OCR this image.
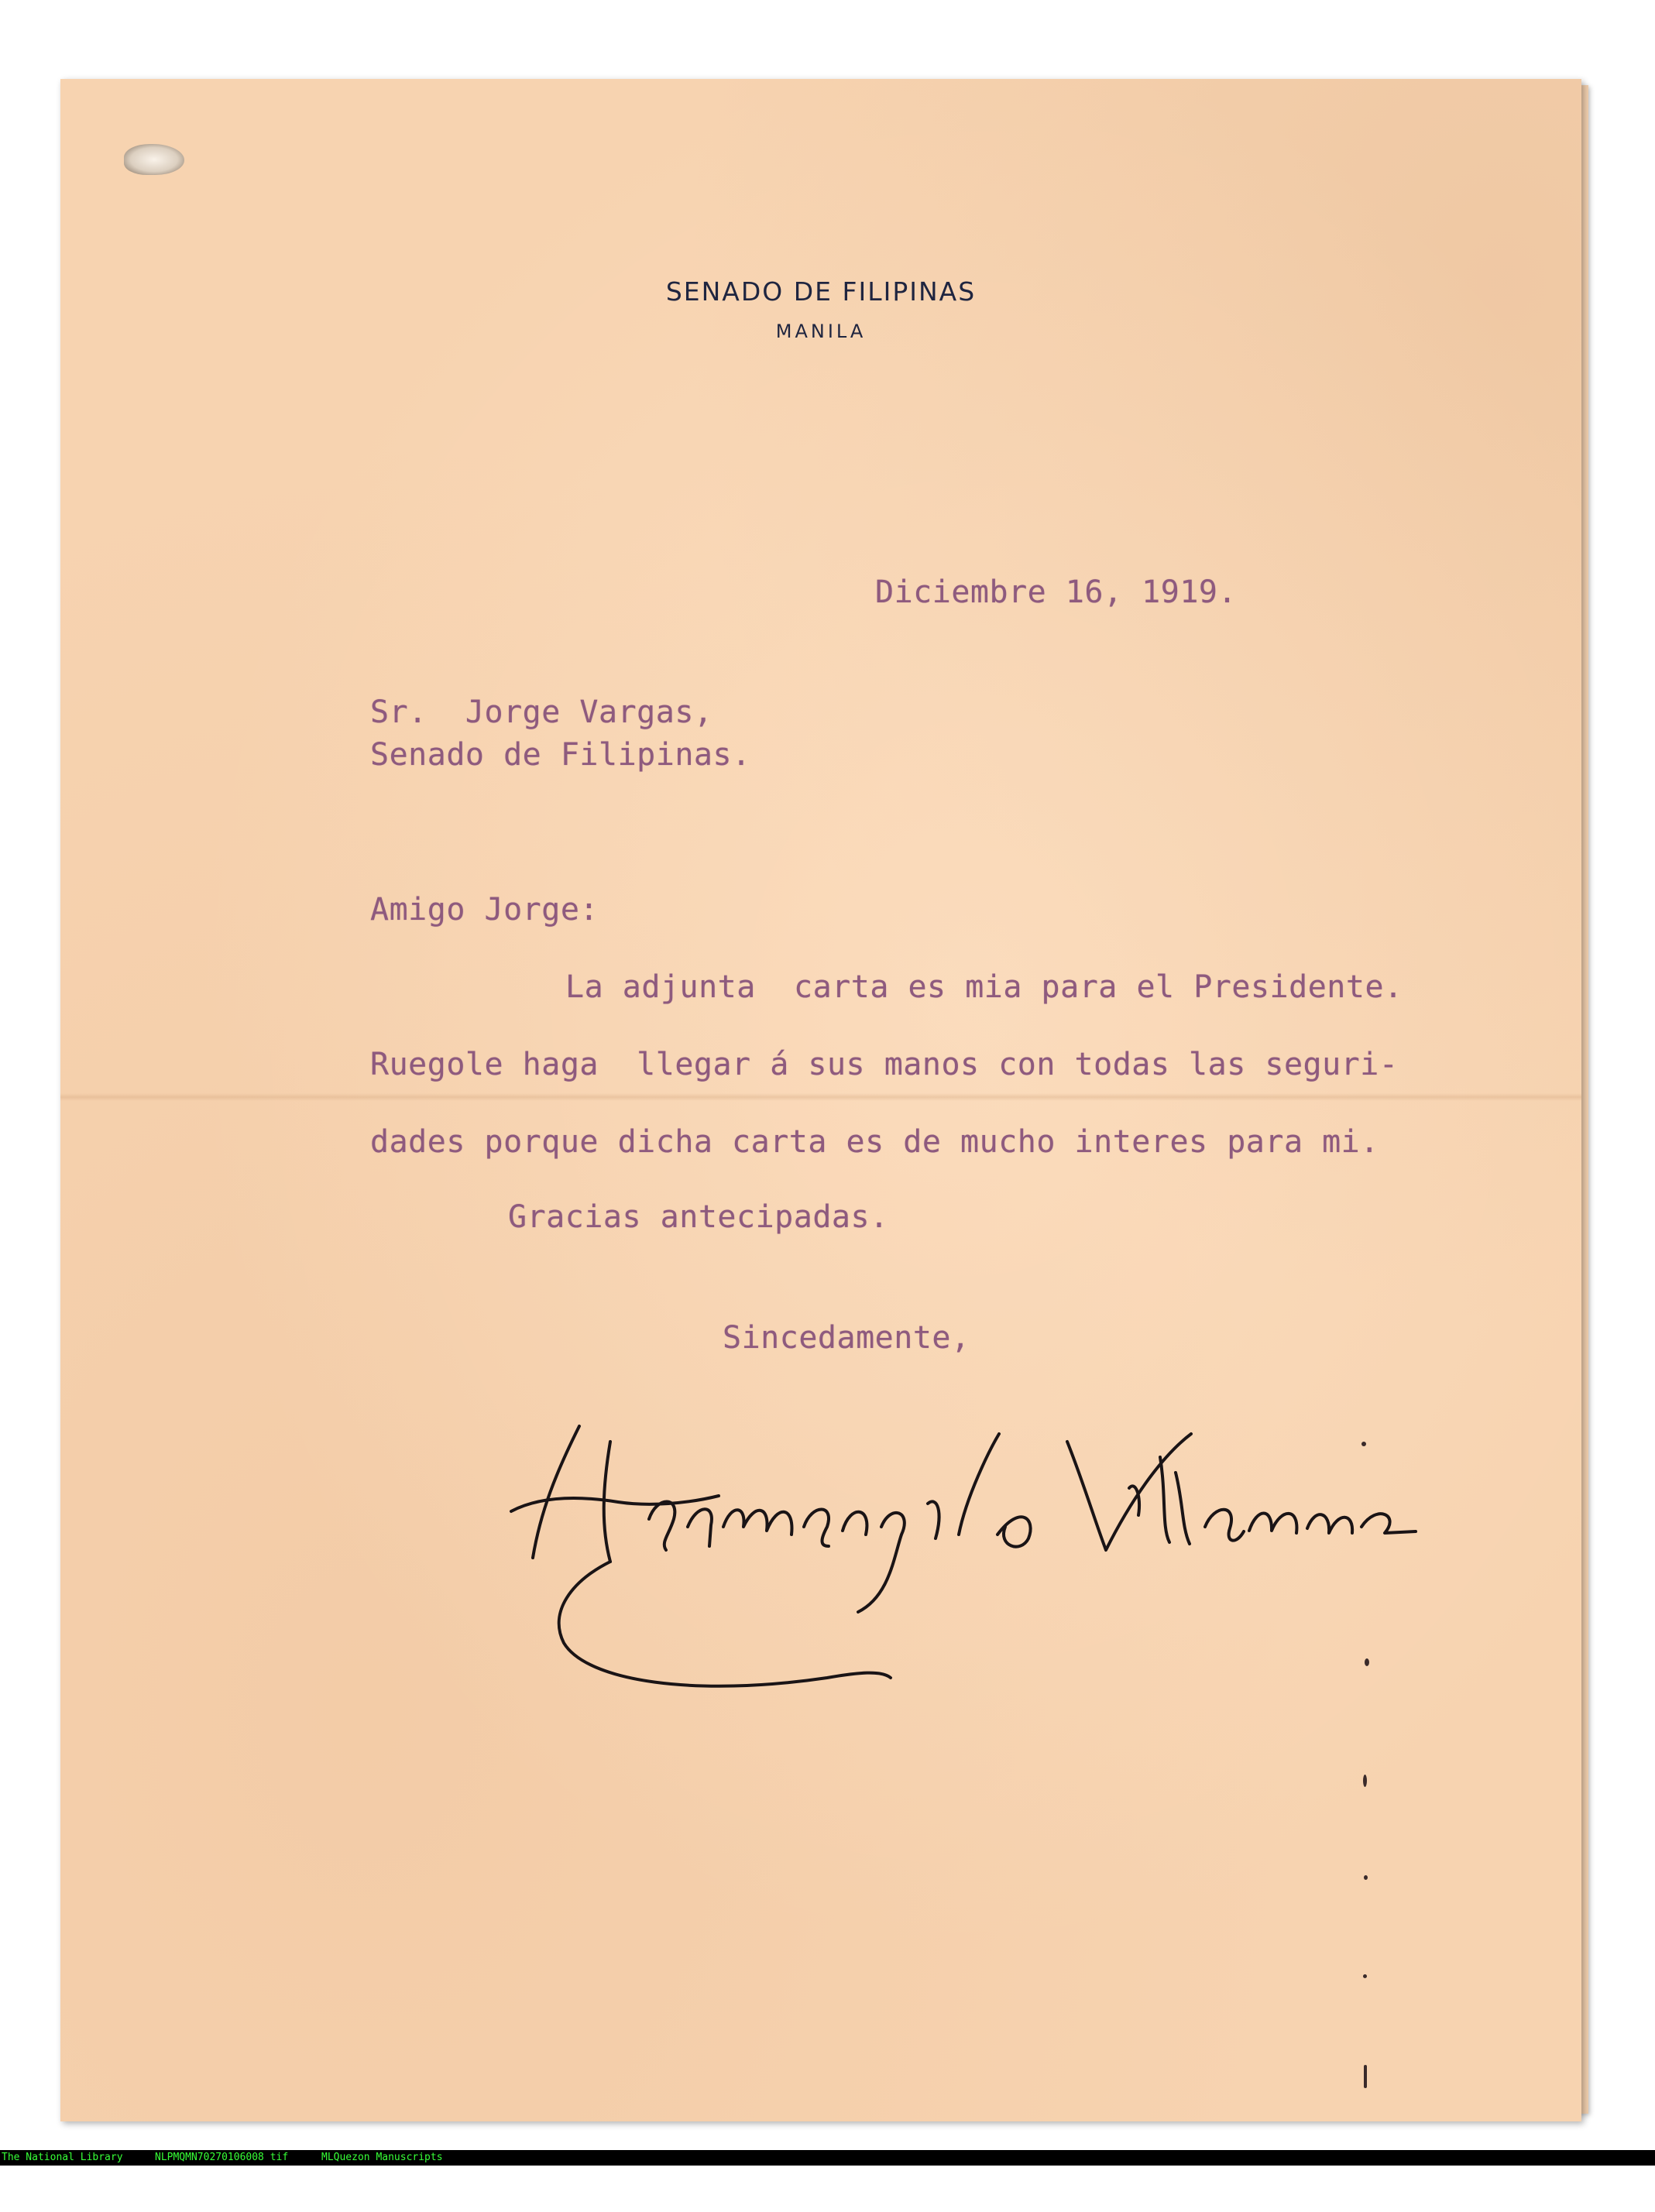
SENADO DE FILIPINAS
MANILA
Diciembre 16, 1919.
Sr.  Jorge Vargas,
Senado de Filipinas.
Amigo Jorge:
La adjunta  carta es mia para el Presidente.
Ruegole haga  llegar á sus manos con todas las seguri-
dades porque dicha carta es de mucho interes para mi.
Gracias antecipadas.
Sincedamente,

The National Library

	NLPMQMN70270106008 tif

	MLQuezon Manuscripts
